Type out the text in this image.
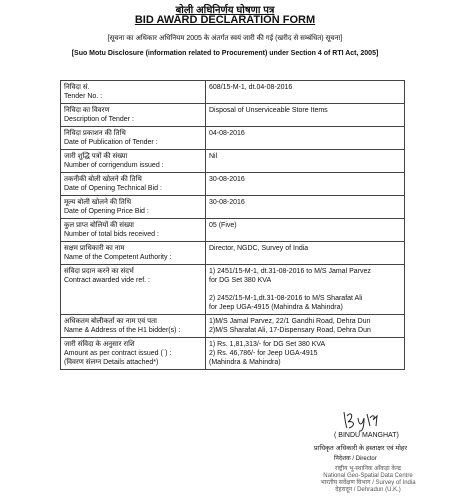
बोली अधिनिर्णय घोषणा पत्र
BID AWARD DECLARATION FORM
[सूचना का अधिकार अधिनियम 2005 के अंतर्गत स्वयं जारी की गई (खरीद से सम्बंधित) सूचना]
[Suo Motu Disclosure (information related to Procurement) under Section 4 of RTI Act, 2005]
निविदा सं.
Tender No. :	608/15-M-1, dt.04-08-2016

निविदा का विवरण
Description of Tender :	Disposal of Unserviceable Store Items

निविदा प्रकाशन की तिथि
Date of Publication of Tender :	04-08-2016

जारी शुद्धि पत्रों की संख्या
Number of corrigendum issued :	Nil

तकनीकी बोली खोलने की तिथि
Date of Opening Technical Bid :	30-08-2016

मूल्य बोली खोलने की तिथि
Date of Opening Price Bid :	30-08-2016

कुल प्राप्त बोलियों की संख्या
Number of total bids received :	05 (Five)

सक्षम प्राधिकारी का नाम
Name of the Competent Authority :	Director, NGDC, Survey of India

संविदा प्रदान करने का संदर्भ
Contract awarded vide ref. :	1) 2451/15-M-1, dt.31-08-2016 to M/S Jamal Parvez
for DG Set 380 KVA

2) 2452/15-M-1,dt.31-08-2016 to M/S Sharafat Ali
for Jeep UGA-4915 (Mahindra & Mahindra)

अधिकतम बोलीकर्ता का नाम एवं पता
Name & Address of the H1 bidder(s) :	1)M/S Jamal Parvez, 22/1 Gandhi Road, Dehra Dun
2)M/S Sharafat Ali, 17-Dispensary Road, Dehra Dun

जारी संविदा के अनुसार राशि
Amount as per contract issued (`) :
(विवरण संलग्न Details attached*)	1) Rs. 1,81,313/- for DG Set 380 KVA
2) Rs. 46,786/- for Jeep UGA-4915
(Mahindra & Mahindra)
( BINDU MANGHAT)
प्राधिकृत अधिकारी के हस्ताक्षर एवं मोहर
निदेशक / Director
राष्ट्रीय भू-स्थानिक आँकड़ा केन्द्र
National Geo-Spatial Data Centre
भारतीय सर्वेक्षण विभाग / Survey of India
देहरादून / Dehradun (U.K.)
